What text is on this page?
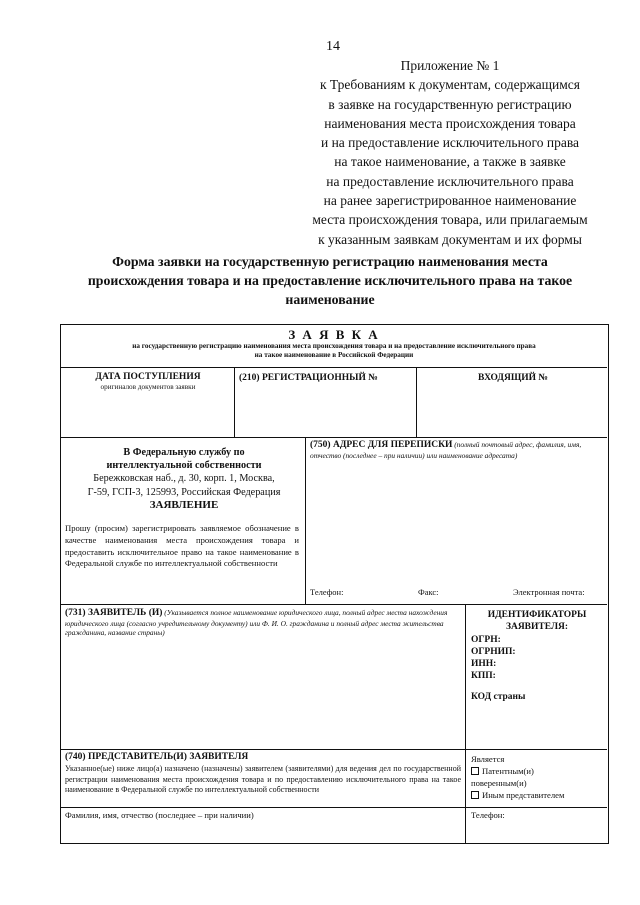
14
Приложение № 1
к Требованиям к документам, содержащимся
в заявке на государственную регистрацию
наименования места происхождения товара
и на предоставление исключительного права
на такое наименование, а также в заявке
на предоставление исключительного права
на ранее зарегистрированное наименование
места происхождения товара, или прилагаемым
к указанным заявкам документам и их формы
Форма заявки на государственную регистрацию наименования места
происхождения товара и на предоставление исключительного права на такое
наименование
З А Я В К А
на государственную регистрацию наименования места происхождения товара и на предоставление исключительного права
на такое наименование в Российской Федерации
ДАТА ПОСТУПЛЕНИЯ
оригиналов документов заявки
(210) РЕГИСТРАЦИОННЫЙ №	ВХОДЯЩИЙ №
В Федеральную службу по
интеллектуальной собственности
Бережковская наб., д. 30, корп. 1, Москва,
Г-59, ГСП-3, 125993, Российская Федерация
ЗАЯВЛЕНИЕ
Прошу (просим) зарегистрировать заявляемое обозначение в качестве наименования места происхождения товара и предоставить исключительное право на такое наименование в Федеральной службе по интеллектуальной собственности
(750) АДРЕС ДЛЯ ПЕРЕПИСКИ (полный почтовый адрес, фамилия, имя, отчество (последнее – при наличии) или наименование адресата)
Телефон:	Факс:	Электронная почта:
(731) ЗАЯВИТЕЛЬ (И) (Указывается полное наименование юридического лица, полный адрес места нахождения юридического лица (согласно учредительному документу) или Ф. И. О. гражданина и полный адрес места жительства гражданина, название страны)
ИДЕНТИФИКАТОРЫ
ЗАЯВИТЕЛЯ:
ОГРН:
ОГРНИП:
ИНН:
КПП:
КОД страны
(740) ПРЕДСТАВИТЕЛЬ(И) ЗАЯВИТЕЛЯ
Указанное(ые) ниже лицо(а) назначено (назначены) заявителем (заявителями) для ведения дел по государственной регистрации наименования места происхождения товара и по предоставлению исключительного права на такое наименование в Федеральной службе по интеллектуальной собственности
Является
Патентным(и)
поверенным(и)
Иным представителем
Фамилия, имя, отчество (последнее – при наличии)	Телефон:
